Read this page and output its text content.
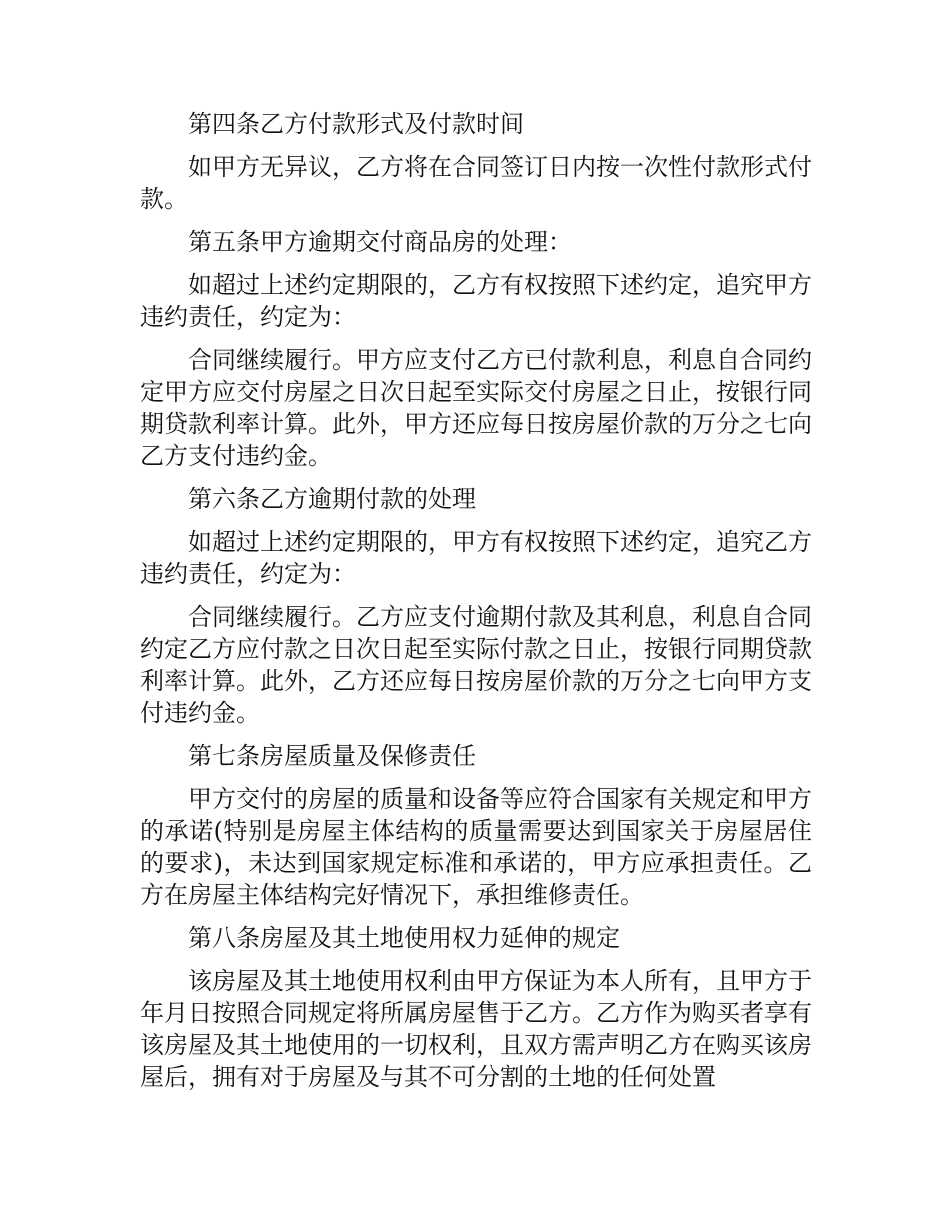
第四条乙方付款形式及付款时间

如甲方无异议，乙方将在合同签订日内按一次性付款形式付款。

第五条甲方逾期交付商品房的处理：

如超过上述约定期限的，乙方有权按照下述约定，追究甲方违约责任，约定为：

合同继续履行。甲方应支付乙方已付款利息，利息自合同约定甲方应交付房屋之日次日起至实际交付房屋之日止，按银行同期贷款利率计算。此外，甲方还应每日按房屋价款的万分之七向乙方支付违约金。

第六条乙方逾期付款的处理

如超过上述约定期限的，甲方有权按照下述约定，追究乙方违约责任，约定为：

合同继续履行。乙方应支付逾期付款及其利息，利息自合同约定乙方应付款之日次日起至实际付款之日止，按银行同期贷款利率计算。此外，乙方还应每日按房屋价款的万分之七向甲方支付违约金。

第七条房屋质量及保修责任

甲方交付的房屋的质量和设备等应符合国家有关规定和甲方的承诺(特别是房屋主体结构的质量需要达到国家关于房屋居住的要求)，未达到国家规定标准和承诺的，甲方应承担责任。乙方在房屋主体结构完好情况下，承担维修责任。

第八条房屋及其土地使用权力延伸的规定

该房屋及其土地使用权利由甲方保证为本人所有，且甲方于年月日按照合同规定将所属房屋售于乙方。乙方作为购买者享有该房屋及其土地使用的一切权利，且双方需声明乙方在购买该房屋后，拥有对于房屋及与其不可分割的土地的任何处置
